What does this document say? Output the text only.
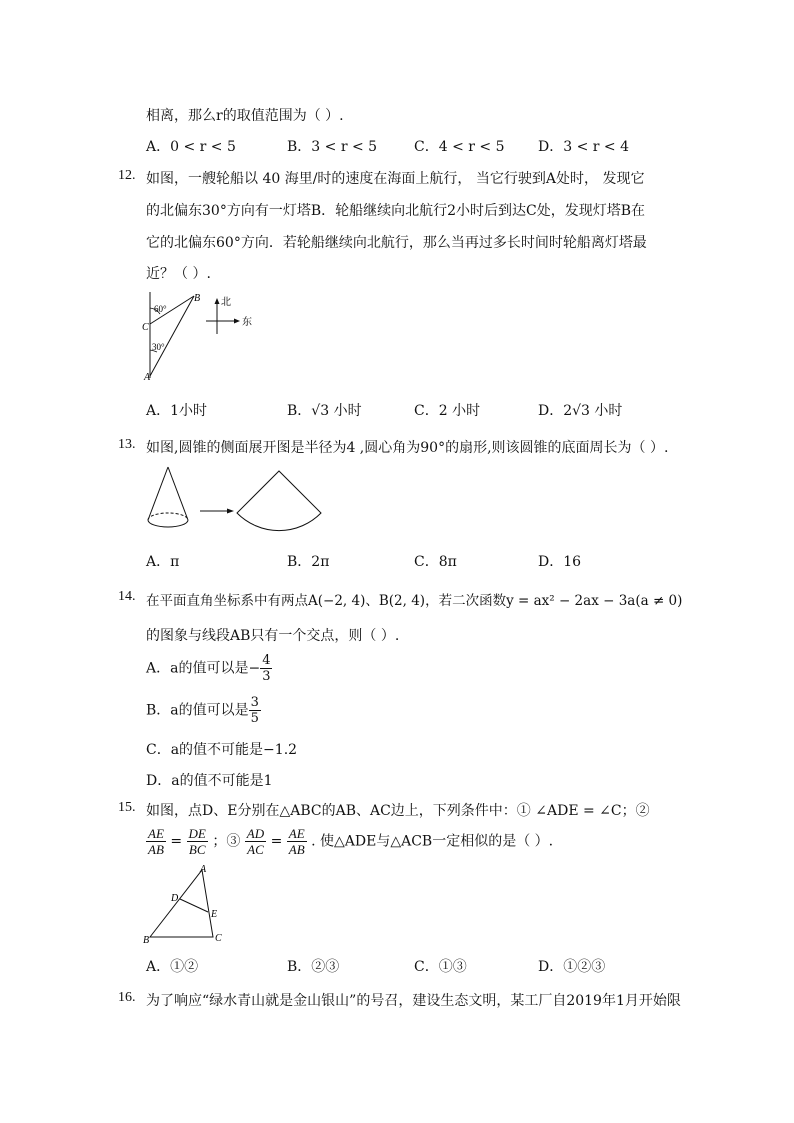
相离，那么r的取值范围为（ ）.
A．0 < r < 5	B．3 < r < 5	C．4 < r < 5 D．3 < r < 4
12. 如图，一艘轮船以 40 海里/时的速度在海面上航行， 当它行驶到A处时， 发现它
的北偏东30°方向有一灯塔B．轮船继续向北航行2小时后到达C处，发现灯塔B在
它的北偏东60°方向．若轮船继续向北航行，那么当再过多长时间时轮船离灯塔最
近？（ ）.
60°
30°
B
C
A
北
东
A．1小时	B．√3 小时	C．2 小时	D．2√3 小时
13. 如图,圆锥的侧面展开图是半径为4 ,圆心角为90°的扇形,则该圆锥的底面周长为（ ）.
A．π	B．2π	C．8π	D．16
14. 在平面直角坐标系中有两点A(−2, 4)、B(2, 4)，若二次函数y = ax² − 2ax − 3a(a ≠ 0)
的图象与线段AB只有一个交点，则（ ）.
A．a的值可以是− $\frac{4}{3}$
B．a的值可以是 $\frac{3}{5}$
C．a的值不可能是−1.2
D．a的值不可能是1
15. 如图，点D、E分别在△ABC的AB、AC边上，下列条件中：① ∠ADE = ∠C；②
$\frac{AE}{AB} = \frac{DE}{BC}$ ；③ $\frac{AD}{AC} = \frac{AE}{AB}$ . 使△ADE与△ACB一定相似的是（ ）.
A
B	C
D
E
A．①②	B．②③	C．①③	D．①②③
16. 为了响应“绿水青山就是金山银山”的号召，建设生态文明，某工厂自2019年1月开始限
